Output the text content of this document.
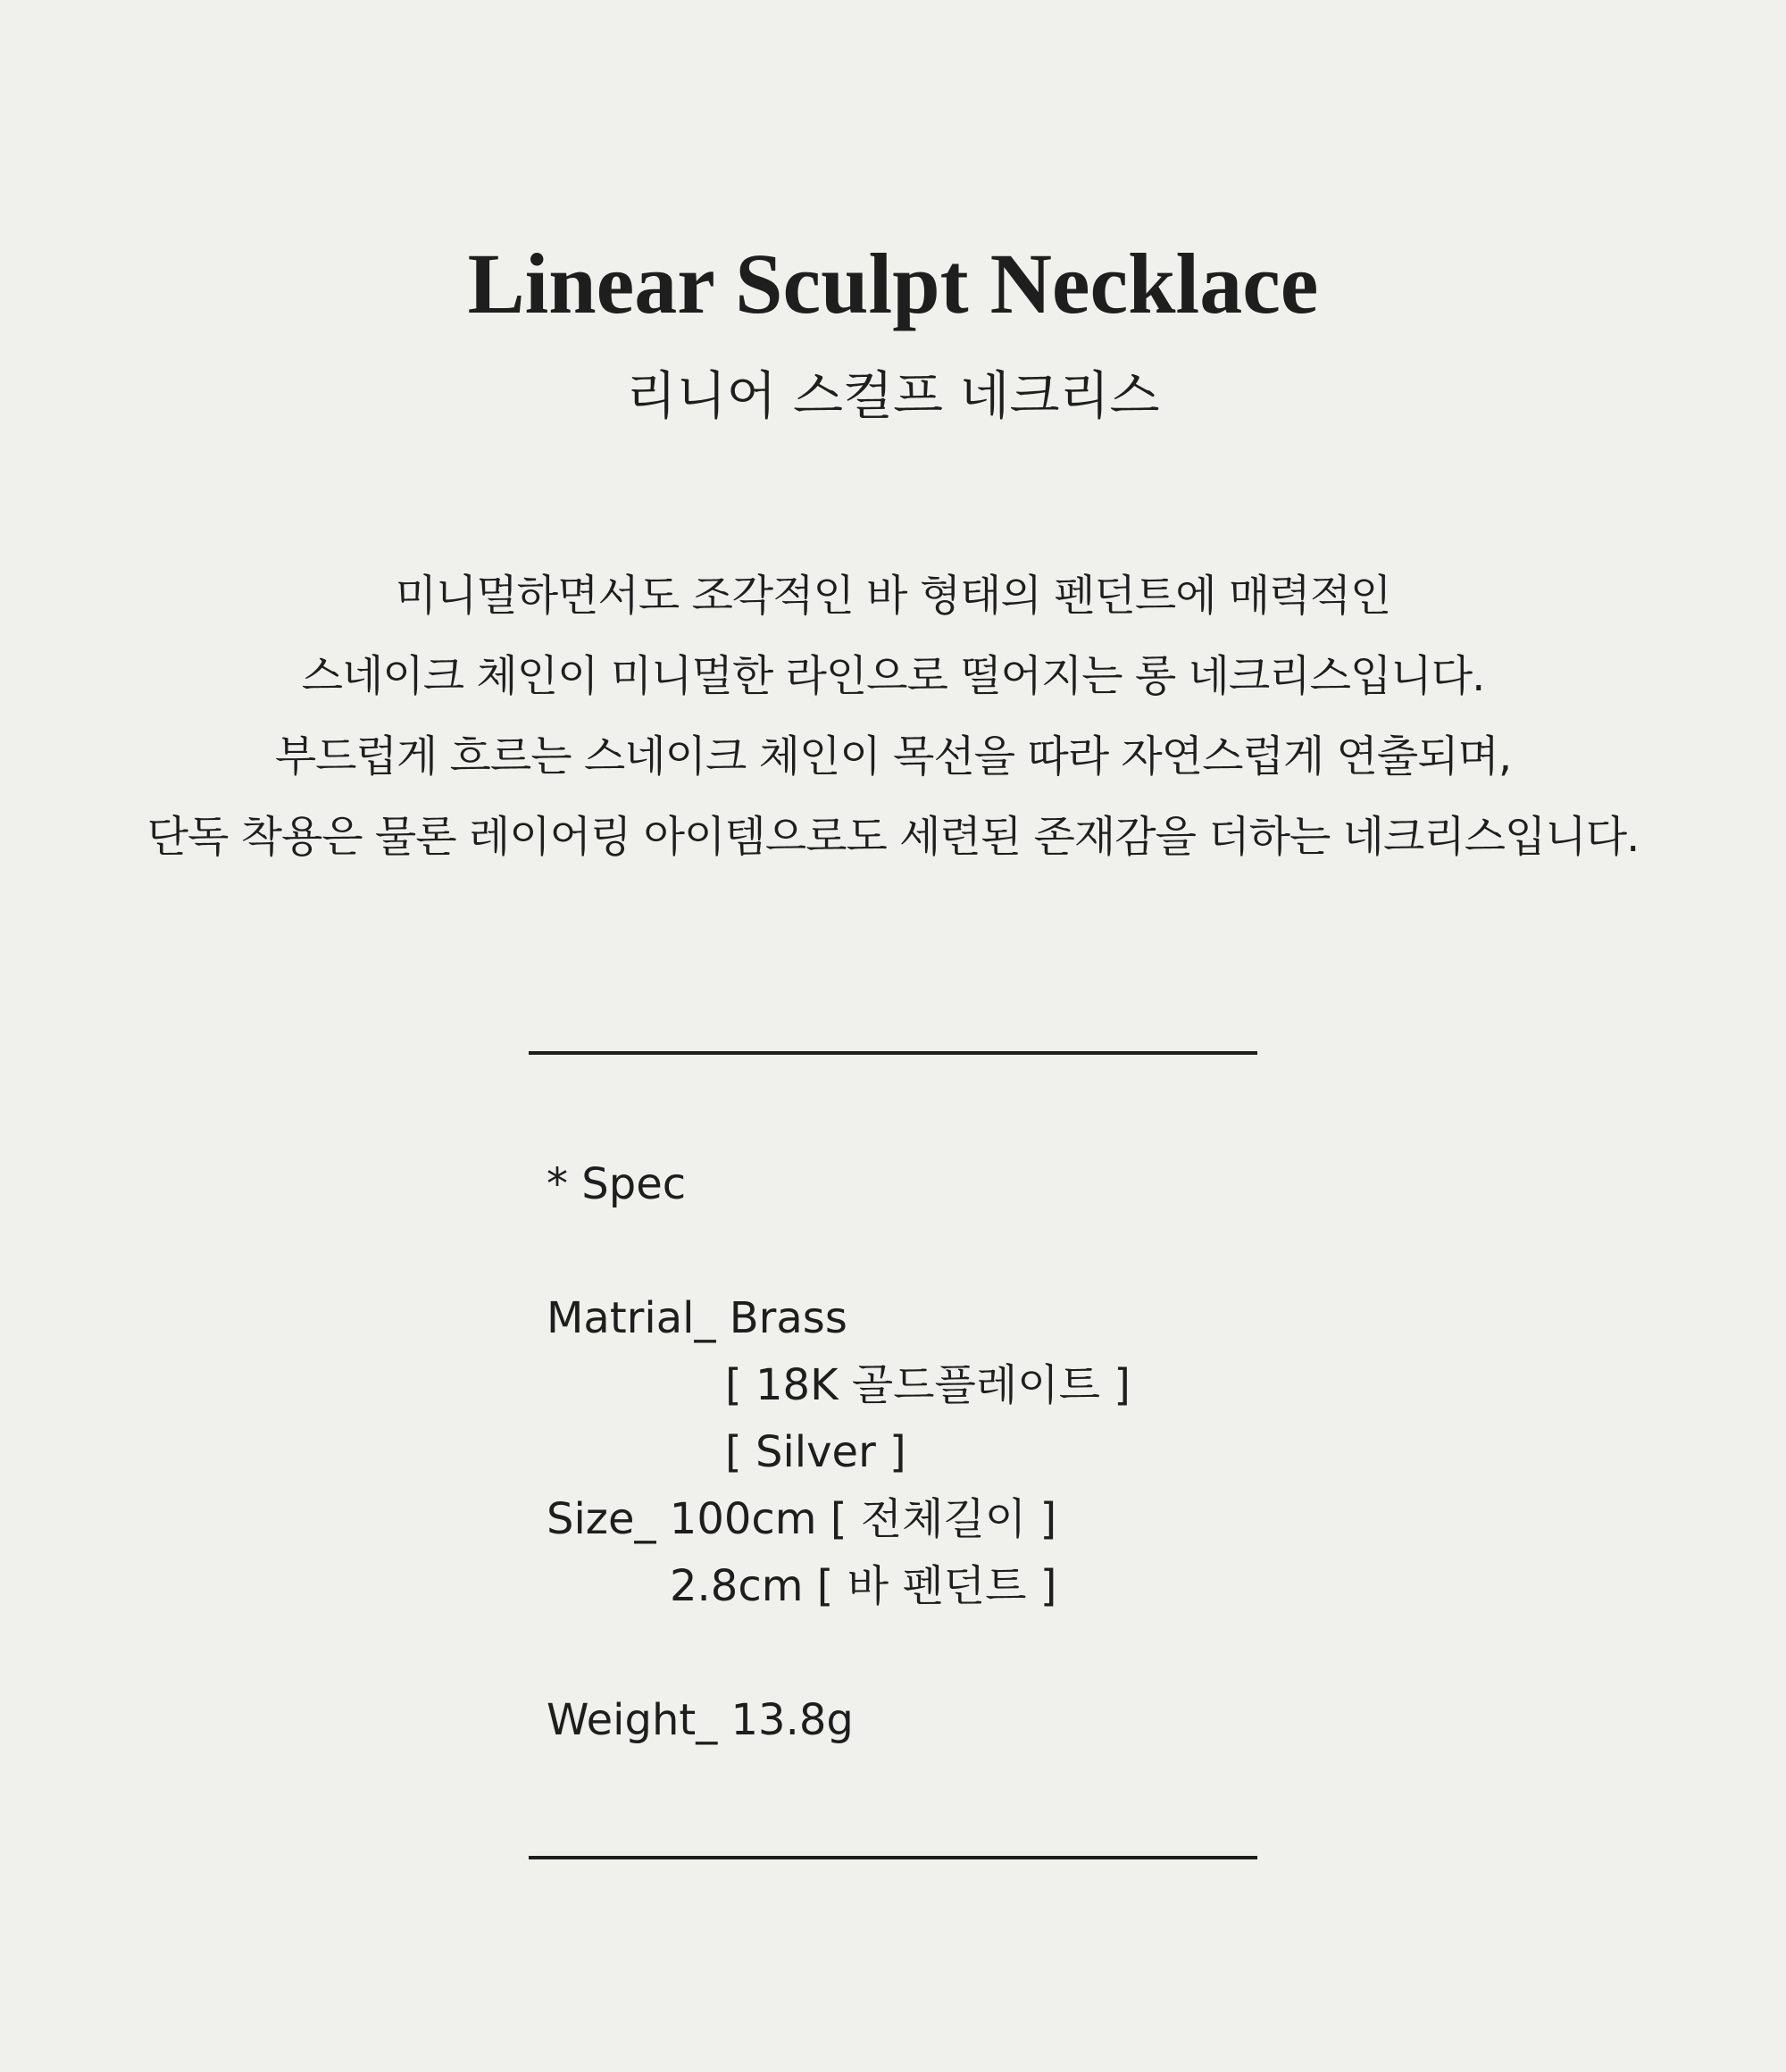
Linear Sculpt Necklace
리니어 스컬프 네크리스
미니멀하면서도 조각적인 바 형태의 펜던트에 매력적인
스네이크 체인이 미니멀한 라인으로 떨어지는 롱 네크리스입니다.
부드럽게 흐르는 스네이크 체인이 목선을 따라 자연스럽게 연출되며,
단독 착용은 물론 레이어링 아이템으로도 세련된 존재감을 더하는 네크리스입니다.
* Spec
Matrial_ Brass
[ 18K 골드플레이트 ]
[ Silver ]
Size_ 100cm [ 전체길이 ]
2.8cm [ 바 펜던트 ]
Weight_ 13.8g
